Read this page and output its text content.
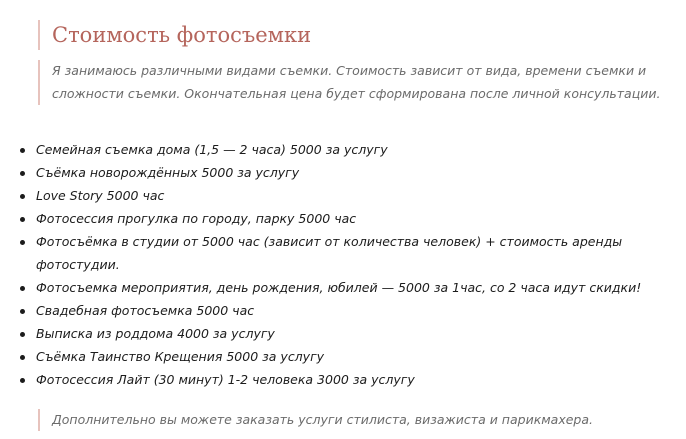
Стоимость фотосъемки

Я занимаюсь различными видами съемки. Стоимость зависит от вида, времени съемки и сложности съемки. Окончательная цена будет сформирована после личной консультации.

Семейная съемка дома (1,5 — 2 часа) 5000 за услугу
Съёмка новорождённых 5000 за услугу
Love Story 5000 час
Фотосессия прогулка по городу, парку 5000 час
Фотосъёмка в студии от 5000 час (зависит от количества человек) + стоимость аренды фотостудии.
Фотосъемка мероприятия, день рождения, юбилей — 5000 за 1час, со 2 часа идут скидки!
Свадебная фотосъемка 5000 час
Выписка из роддома 4000 за услугу
Съёмка Таинство Крещения 5000 за услугу
Фотосессия Лайт (30 минут) 1-2 человека 3000 за услугу

Дополнительно вы можете заказать услуги стилиста, визажиста и парикмахера.
